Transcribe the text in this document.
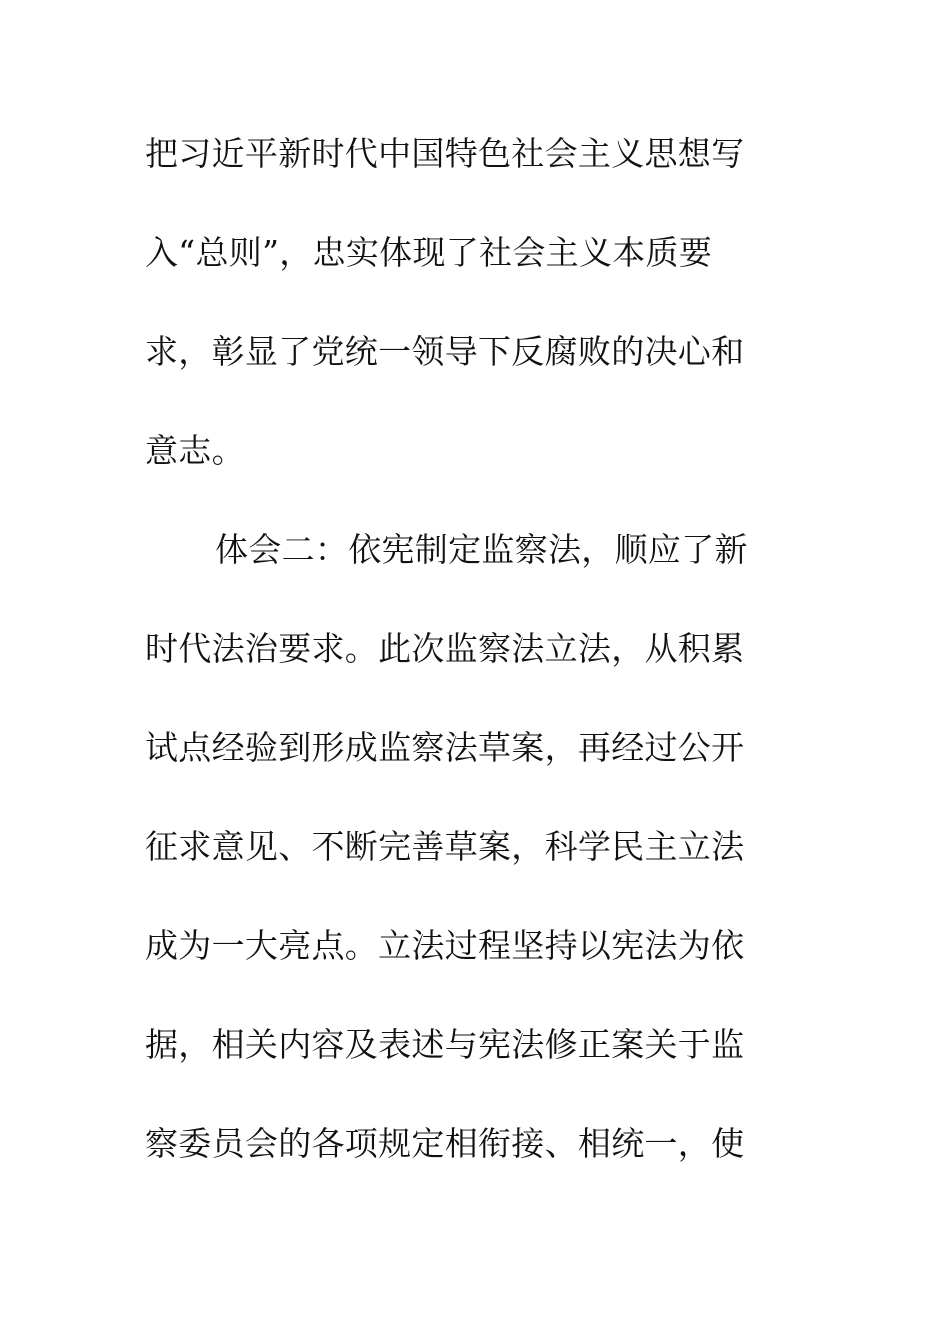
把习近平新时代中国特色社会主义思想写
入“总则”，忠实体现了社会主义本质要
求，彰显了党统一领导下反腐败的决心和
意志。
体会二：依宪制定监察法，顺应了新
时代法治要求。此次监察法立法，从积累
试点经验到形成监察法草案，再经过公开
征求意见、不断完善草案，科学民主立法
成为一大亮点。立法过程坚持以宪法为依
据，相关内容及表述与宪法修正案关于监
察委员会的各项规定相衔接、相统一，使
